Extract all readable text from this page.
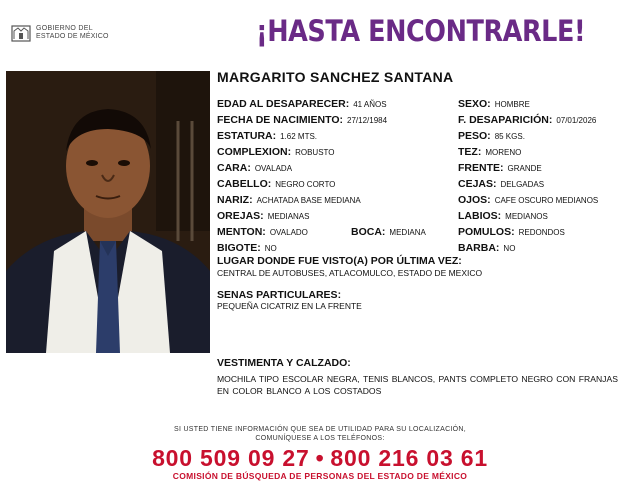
GOBIERNO DEL
ESTADO DE MÉXICO	¡HASTA ENCONTRARLE!
MARGARITO SANCHEZ SANTANA
EDAD AL DESAPARECER: 41 AÑOS
FECHA DE NACIMIENTO: 27/12/1984
ESTATURA: 1.62 MTS.
COMPLEXION: ROBUSTO
CARA: OVALADA
CABELLO: NEGRO CORTO
NARIZ: ACHATADA BASE MEDIANA
OREJAS: MEDIANAS
MENTON: OVALADO	BOCA: MEDIANA
BIGOTE: NO
SEXO: HOMBRE
F. DESAPARICIÓN: 07/01/2026
PESO: 85 KGS.
TEZ: MORENO
FRENTE: GRANDE
CEJAS: DELGADAS
OJOS: CAFE OSCURO MEDIANOS
LABIOS: MEDIANOS
POMULOS: REDONDOS
BARBA: NO
LUGAR DONDE FUE VISTO(A) POR ÚLTIMA VEZ:
CENTRAL DE AUTOBUSES, ATLACOMULCO, ESTADO DE MEXICO
SENAS PARTICULARES:
PEQUEÑA CICATRIZ EN LA FRENTE
VESTIMENTA Y CALZADO:
MOCHILA TIPO ESCOLAR NEGRA, TENIS BLANCOS, PANTS COMPLETO NEGRO CON FRANJAS EN COLOR BLANCO A LOS COSTADOS
SI USTED TIENE INFORMACIÓN QUE SEA DE UTILIDAD PARA SU LOCALIZACIÓN,
COMUNÍQUESE A LOS TELÉFONOS:
800 509 09 27 • 800 216 03 61
COMISIÓN DE BÚSQUEDA DE PERSONAS DEL ESTADO DE MÉXICO
